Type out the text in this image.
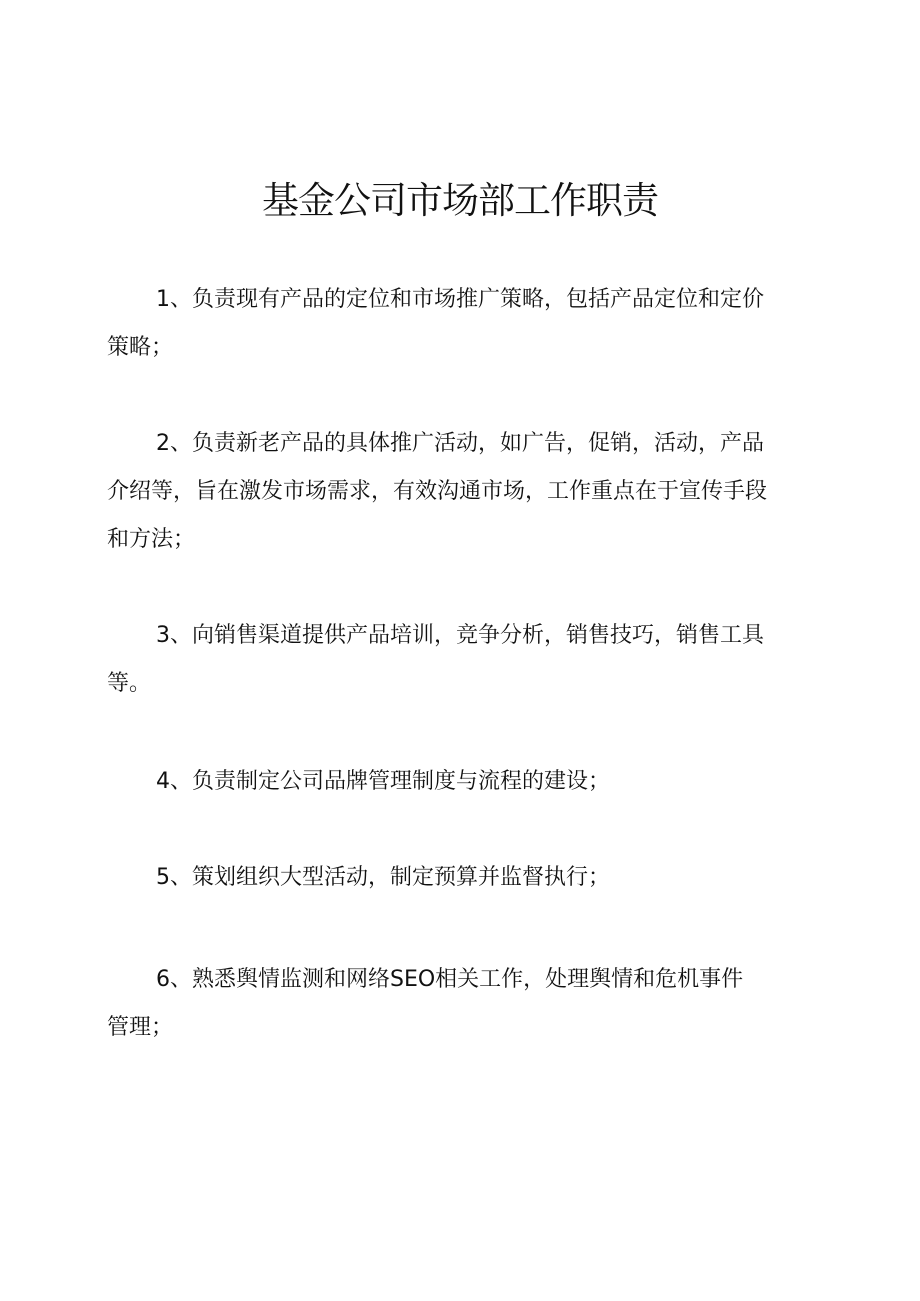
基金公司市场部工作职责

1、负责现有产品的定位和市场推广策略，包括产品定位和定价
策略；

2、负责新老产品的具体推广活动，如广告，促销，活动，产品
介绍等，旨在激发市场需求，有效沟通市场，工作重点在于宣传手段
和方法；

3、向销售渠道提供产品培训，竞争分析，销售技巧，销售工具
等。

4、负责制定公司品牌管理制度与流程的建设；

5、策划组织大型活动，制定预算并监督执行；

6、熟悉舆情监测和网络SEO相关工作，处理舆情和危机事件
管理；
